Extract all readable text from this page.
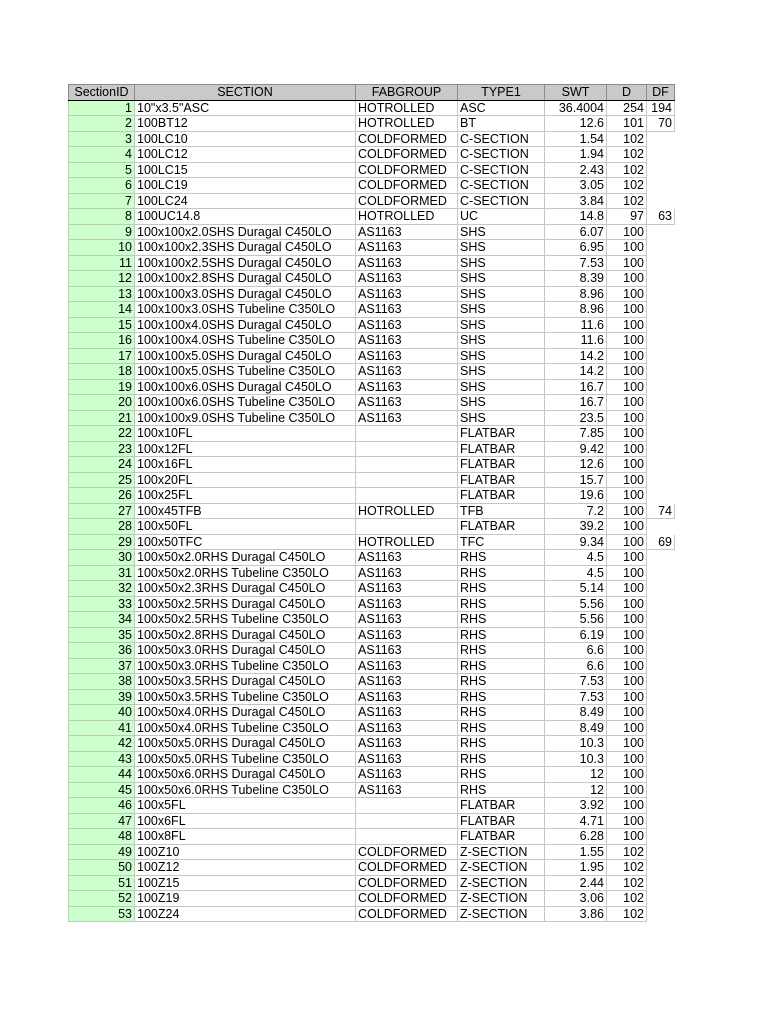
SectionID	SECTION	FABGROUP	TYPE1	SWT	D	DF
1	10"x3.5"ASC	HOTROLLED	ASC	36.4004	254	194
2	100BT12	HOTROLLED	BT	12.6	101	70
3	100LC10	COLDFORMED	C-SECTION	1.54	102	
4	100LC12	COLDFORMED	C-SECTION	1.94	102	
5	100LC15	COLDFORMED	C-SECTION	2.43	102	
6	100LC19	COLDFORMED	C-SECTION	3.05	102	
7	100LC24	COLDFORMED	C-SECTION	3.84	102	
8	100UC14.8	HOTROLLED	UC	14.8	97	63
9	100x100x2.0SHS Duragal C450LO	AS1163	SHS	6.07	100	
10	100x100x2.3SHS Duragal C450LO	AS1163	SHS	6.95	100	
11	100x100x2.5SHS Duragal C450LO	AS1163	SHS	7.53	100	
12	100x100x2.8SHS Duragal C450LO	AS1163	SHS	8.39	100	
13	100x100x3.0SHS Duragal C450LO	AS1163	SHS	8.96	100	
14	100x100x3.0SHS Tubeline C350LO	AS1163	SHS	8.96	100	
15	100x100x4.0SHS Duragal C450LO	AS1163	SHS	11.6	100	
16	100x100x4.0SHS Tubeline C350LO	AS1163	SHS	11.6	100	
17	100x100x5.0SHS Duragal C450LO	AS1163	SHS	14.2	100	
18	100x100x5.0SHS Tubeline C350LO	AS1163	SHS	14.2	100	
19	100x100x6.0SHS Duragal C450LO	AS1163	SHS	16.7	100	
20	100x100x6.0SHS Tubeline C350LO	AS1163	SHS	16.7	100	
21	100x100x9.0SHS Tubeline C350LO	AS1163	SHS	23.5	100	
22	100x10FL		FLATBAR	7.85	100	
23	100x12FL		FLATBAR	9.42	100	
24	100x16FL		FLATBAR	12.6	100	
25	100x20FL		FLATBAR	15.7	100	
26	100x25FL		FLATBAR	19.6	100	
27	100x45TFB	HOTROLLED	TFB	7.2	100	74
28	100x50FL		FLATBAR	39.2	100	
29	100x50TFC	HOTROLLED	TFC	9.34	100	69
30	100x50x2.0RHS Duragal C450LO	AS1163	RHS	4.5	100	
31	100x50x2.0RHS Tubeline C350LO	AS1163	RHS	4.5	100	
32	100x50x2.3RHS Duragal C450LO	AS1163	RHS	5.14	100	
33	100x50x2.5RHS Duragal C450LO	AS1163	RHS	5.56	100	
34	100x50x2.5RHS Tubeline C350LO	AS1163	RHS	5.56	100	
35	100x50x2.8RHS Duragal C450LO	AS1163	RHS	6.19	100	
36	100x50x3.0RHS Duragal C450LO	AS1163	RHS	6.6	100	
37	100x50x3.0RHS Tubeline C350LO	AS1163	RHS	6.6	100	
38	100x50x3.5RHS Duragal C450LO	AS1163	RHS	7.53	100	
39	100x50x3.5RHS Tubeline C350LO	AS1163	RHS	7.53	100	
40	100x50x4.0RHS Duragal C450LO	AS1163	RHS	8.49	100	
41	100x50x4.0RHS Tubeline C350LO	AS1163	RHS	8.49	100	
42	100x50x5.0RHS Duragal C450LO	AS1163	RHS	10.3	100	
43	100x50x5.0RHS Tubeline C350LO	AS1163	RHS	10.3	100	
44	100x50x6.0RHS Duragal C450LO	AS1163	RHS	12	100	
45	100x50x6.0RHS Tubeline C350LO	AS1163	RHS	12	100	
46	100x5FL		FLATBAR	3.92	100	
47	100x6FL		FLATBAR	4.71	100	
48	100x8FL		FLATBAR	6.28	100	
49	100Z10	COLDFORMED	Z-SECTION	1.55	102	
50	100Z12	COLDFORMED	Z-SECTION	1.95	102	
51	100Z15	COLDFORMED	Z-SECTION	2.44	102	
52	100Z19	COLDFORMED	Z-SECTION	3.06	102	
53	100Z24	COLDFORMED	Z-SECTION	3.86	102	
